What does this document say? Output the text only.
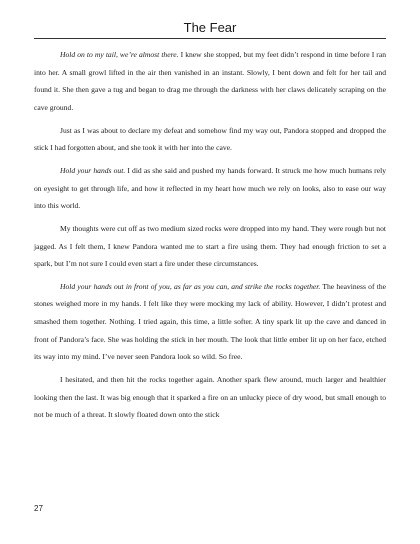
The Fear

Hold on to my tail, we’re almost there. I knew she stopped, but my feet didn’t respond in time before I ran into her. A small growl lifted in the air then vanished in an instant. Slowly, I bent down and felt for her tail and found it. She then gave a tug and began to drag me through the darkness with her claws delicately scraping on the cave ground.

Just as I was about to declare my defeat and somehow find my way out, Pandora stopped and dropped the stick I had forgotten about, and she took it with her into the cave.

Hold your hands out. I did as she said and pushed my hands forward. It struck me how much humans rely on eyesight to get through life, and how it reflected in my heart how much we rely on looks, also to ease our way into this world.

My thoughts were cut off as two medium sized rocks were dropped into my hand. They were rough but not jagged. As I felt them, I knew Pandora wanted me to start a fire using them. They had enough friction to set a spark, but I’m not sure I could even start a fire under these circumstances.

Hold your hands out in front of you, as far as you can, and strike the rocks together. The heaviness of the stones weighed more in my hands. I felt like they were mocking my lack of ability. However, I didn’t protest and smashed them together. Nothing. I tried again, this time, a little softer. A tiny spark lit up the cave and danced in front of Pandora’s face. She was holding the stick in her mouth. The look that little ember lit up on her face, etched its way into my mind. I’ve never seen Pandora look so wild. So free.

I hesitated, and then hit the rocks together again. Another spark flew around, much larger and healthier looking then the last. It was big enough that it sparked a fire on an unlucky piece of dry wood, but small enough to not be much of a threat. It slowly floated down onto the stick

27
